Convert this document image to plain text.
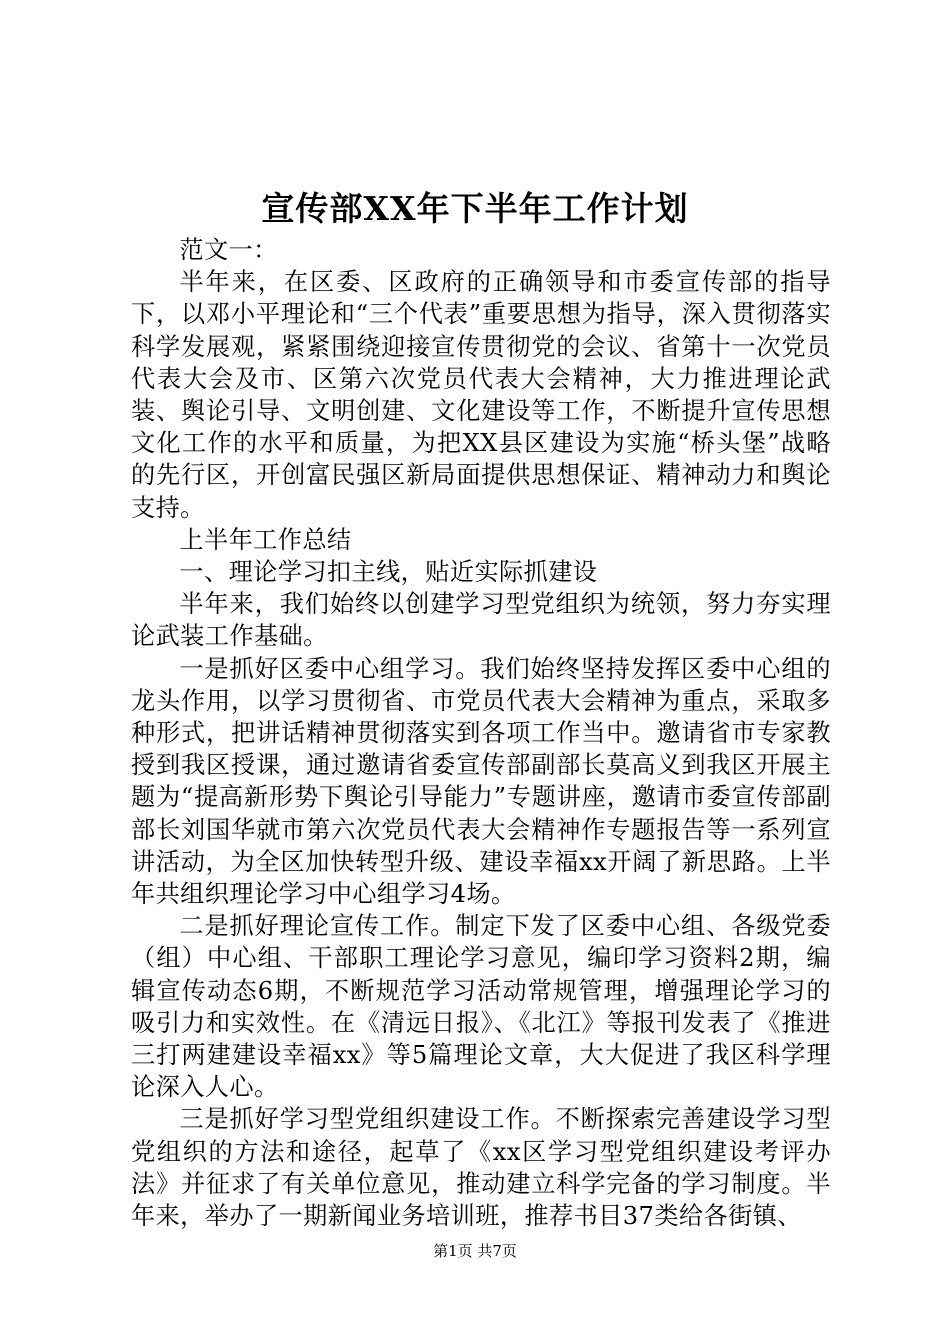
宣传部XX年下半年工作计划

范文一：

半年来，在区委、区政府的正确领导和市委宣传部的指导下，以邓小平理论和“三个代表”重要思想为指导，深入贯彻落实科学发展观，紧紧围绕迎接宣传贯彻党的会议、省第十一次党员代表大会及市、区第六次党员代表大会精神，大力推进理论武装、舆论引导、文明创建、文化建设等工作，不断提升宣传思想文化工作的水平和质量，为把XX县区建设为实施“桥头堡”战略的先行区，开创富民强区新局面提供思想保证、精神动力和舆论支持。

上半年工作总结

一、理论学习扣主线，贴近实际抓建设

半年来，我们始终以创建学习型党组织为统领，努力夯实理论武装工作基础。

一是抓好区委中心组学习。我们始终坚持发挥区委中心组的龙头作用，以学习贯彻省、市党员代表大会精神为重点，采取多种形式，把讲话精神贯彻落实到各项工作当中。邀请省市专家教授到我区授课，通过邀请省委宣传部副部长莫高义到我区开展主题为“提高新形势下舆论引导能力”专题讲座，邀请市委宣传部副部长刘国华就市第六次党员代表大会精神作专题报告等一系列宣讲活动，为全区加快转型升级、建设幸福xx开阔了新思路。上半年共组织理论学习中心组学习4场。

二是抓好理论宣传工作。制定下发了区委中心组、各级党委（组）中心组、干部职工理论学习意见，编印学习资料2期，编辑宣传动态6期，不断规范学习活动常规管理，增强理论学习的吸引力和实效性。在《清远日报》、《北江》等报刊发表了《推进三打两建建设幸福xx》等5篇理论文章，大大促进了我区科学理论深入人心。

三是抓好学习型党组织建设工作。不断探索完善建设学习型党组织的方法和途径，起草了《xx区学习型党组织建设考评办法》并征求了有关单位意见，推动建立科学完备的学习制度。半年来，举办了一期新闻业务培训班，推荐书目37类给各街镇、

第1页 共7页
